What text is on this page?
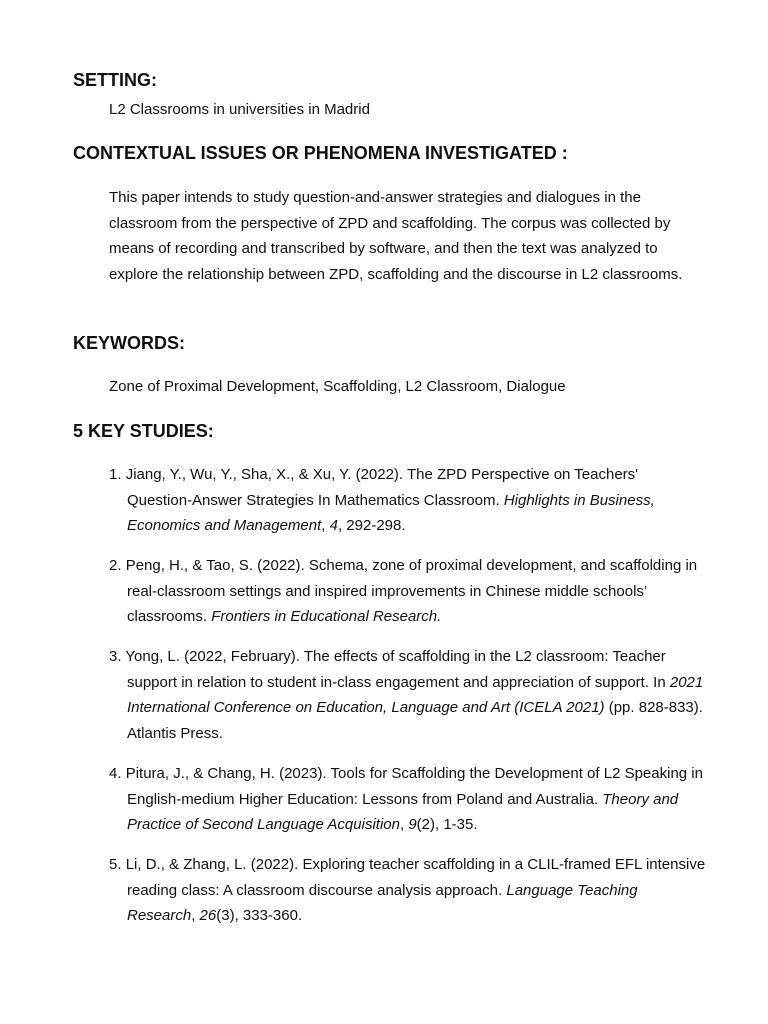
SETTING:

L2 Classrooms in universities in Madrid

CONTEXTUAL ISSUES OR PHENOMENA INVESTIGATED :

This paper intends to study question-and-answer strategies and dialogues in the classroom from the perspective of ZPD and scaffolding. The corpus was collected by means of recording and transcribed by software, and then the text was analyzed to explore the relationship between ZPD, scaffolding and the discourse in L2 classrooms.

KEYWORDS:

Zone of Proximal Development, Scaffolding, L2 Classroom, Dialogue

5 KEY STUDIES:

1. Jiang, Y., Wu, Y., Sha, X., & Xu, Y. (2022). The ZPD Perspective on Teachers' Question-Answer Strategies In Mathematics Classroom. Highlights in Business, Economics and Management, 4, 292-298.

2. Peng, H., & Tao, S. (2022). Schema, zone of proximal development, and scaffolding in real-classroom settings and inspired improvements in Chinese middle schools’ classrooms. Frontiers in Educational Research.

3. Yong, L. (2022, February). The effects of scaffolding in the L2 classroom: Teacher support in relation to student in-class engagement and appreciation of support. In 2021 International Conference on Education, Language and Art (ICELA 2021) (pp. 828-833). Atlantis Press.

4. Pitura, J., & Chang, H. (2023). Tools for Scaffolding the Development of L2 Speaking in English-medium Higher Education: Lessons from Poland and Australia. Theory and Practice of Second Language Acquisition, 9(2), 1-35.

5. Li, D., & Zhang, L. (2022). Exploring teacher scaffolding in a CLIL-framed EFL intensive reading class: A classroom discourse analysis approach. Language Teaching Research, 26(3), 333-360.
